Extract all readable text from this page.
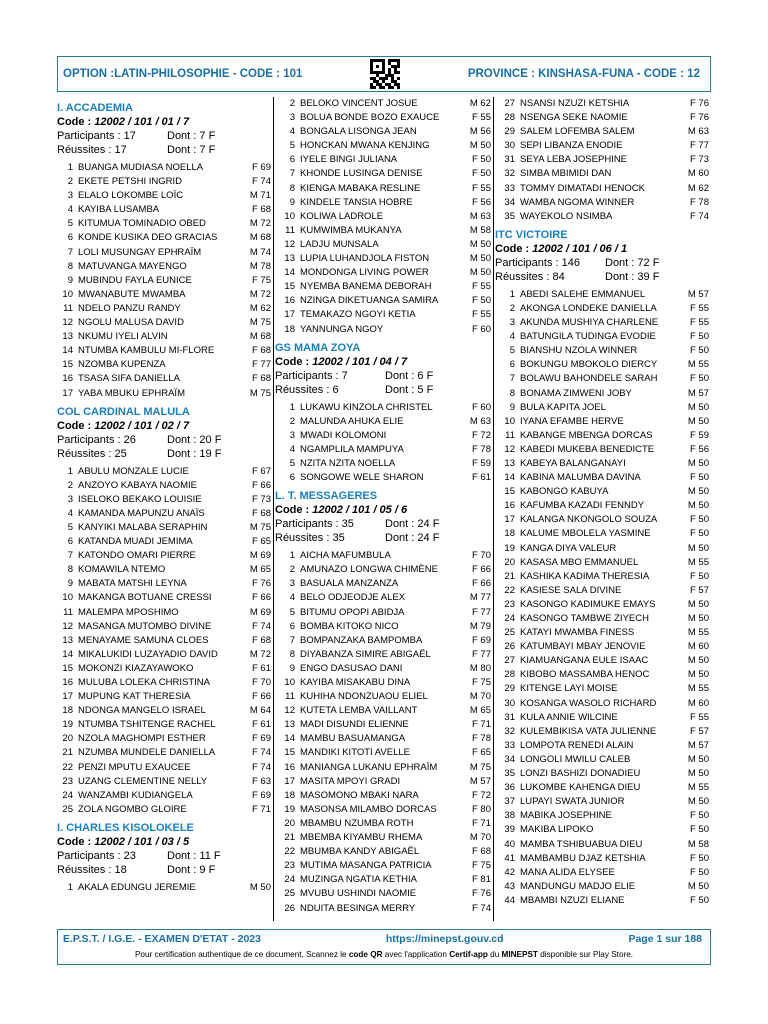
OPTION :LATIN-PHILOSOPHIE - CODE : 101	PROVINCE : KINSHASA-FUNA - CODE : 12
I. ACCADEMIA
Code : 12002 / 101 / 01 / 7
Participants : 17	Dont : 7 F
Réussites : 17	Dont : 7 F
1 BUANGA MUDIASA NOELLA	F 69
2 EKETE PETSHI INGRID	F 74
3 ELALO LOKOMBE LOÏC	M 71
4 KAYIBA LUSAMBA	F 68
5 KITUMUA TOMINADIO OBED	M 72
6 KONDE KUSIKA DEO GRACIAS	M 68
7 LOLI MUSUNGAY EPHRAÏM	M 74
8 MATUVANGA MAYENGO	M 78
9 MUBINDU FAYLA EUNICE	F 75
10 MWANABUTE MWAMBA	M 72
11 NDELO PANZU RANDY	M 62
12 NGOLU MALUSA DAVID	M 75
13 NKUMU IYELI ALVIN	M 68
14 NTUMBA KAMBULU MI-FLORE	F 68
15 NZOMBA KUPENZA	F 77
16 TSASA SIFA DANIELLA	F 68
17 YABA MBUKU EPHRAÏM	M 75
COL CARDINAL MALULA
Code : 12002 / 101 / 02 / 7
Participants : 26	Dont : 20 F
Réussites : 25	Dont : 19 F
1 ABULU MONZALE LUCIE	F 67
2 ANZOYO KABAYA NAOMIE	F 66
3 ISELOKO BEKAKO LOUISIE	F 73
4 KAMANDA MAPUNZU ANAÏS	F 68
5 KANYIKI MALABA SERAPHIN	M 75
6 KATANDA MUADI JEMIMA	F 65
7 KATONDO OMARI PIERRE	M 69
8 KOMAWILA NTEMO	M 65
9 MABATA MATSHI LEYNA	F 76
10 MAKANGA BOTUANE CRESSI	F 66
11 MALEMPA MPOSHIMO	M 69
12 MASANGA MUTOMBO DIVINE	F 74
13 MENAYAME SAMUNA CLOES	F 68
14 MIKALUKIDI LUZAYADIO DAVID	M 72
15 MOKONZI KIAZAYAWOKO	F 61
16 MULUBA LOLEKA CHRISTINA	F 70
17 MUPUNG KAT THERESIA	F 66
18 NDONGA MANGELO ISRAEL	M 64
19 NTUMBA TSHITENGE RACHEL	F 61
20 NZOLA MAGHOMPI ESTHER	F 69
21 NZUMBA MUNDELE DANIELLA	F 74
22 PENZI MPUTU EXAUCEE	F 74
23 UZANG CLEMENTINE NELLY	F 63
24 WANZAMBI KUDIANGELA	F 69
25 ZOLA NGOMBO GLOIRE	F 71
I. CHARLES KISOLOKELE
Code : 12002 / 101 / 03 / 5
Participants : 23	Dont : 11 F
Réussites : 18	Dont : 9 F
1 AKALA EDUNGU JEREMIE	M 50
2 BELOKO VINCENT JOSUE	M 62
3 BOLUA BONDE BOZO EXAUCE	F 55
4 BONGALA LISONGA JEAN	M 56
5 HONCKAN MWANA KENJING	M 50
6 IYELE BINGI JULIANA	F 50
7 KHONDE LUSINGA DENISE	F 50
8 KIENGA MABAKA RESLINE	F 55
9 KINDELE TANSIA HOBRE	F 56
10 KOLIWA LADROLE	M 63
11 KUMWIMBA MUKANYA	M 58
12 LADJU MUNSALA	M 50
13 LUPIA LUHANDJOLA FISTON	M 50
14 MONDONGA LIVING POWER	M 50
15 NYEMBA BANEMA DEBORAH	F 55
16 NZINGA DIKETUANGA SAMIRA	F 50
17 TEMAKAZO NGOYI KETIA	F 55
18 YANNUNGA NGOY	F 60
GS MAMA ZOYA
Code : 12002 / 101 / 04 / 7
Participants : 7	Dont : 6 F
Réussites : 6	Dont : 5 F
1 LUKAWU KINZOLA CHRISTEL	F 60
2 MALUNDA AHUKA ELIE	M 63
3 MWADI KOLOMONI	F 72
4 NGAMPLILA MAMPUYA	F 78
5 NZITA NZITA NOELLA	F 59
6 SONGOWE WELE SHARON	F 61
L. T. MESSAGERES
Code : 12002 / 101 / 05 / 6
Participants : 35	Dont : 24 F
Réussites : 35	Dont : 24 F
1 AICHA MAFUMBULA	F 70
2 AMUNAZO LONGWA CHIMÈNE	F 66
3 BASUALA MANZANZA	F 66
4 BELO ODJEODJE ALEX	M 77
5 BITUMU OPOPI ABIDJA	F 77
6 BOMBA KITOKO NICO	M 79
7 BOMPANZAKA BAMPOMBA	F 69
8 DIYABANZA SIMIRE ABIGAËL	F 77
9 ENGO DASUSAO DANI	M 80
10 KAYIBA MISAKABU DINA	F 75
11 KUHIHA NDONZUAOU ELIEL	M 70
12 KUTETA LEMBA VAILLANT	M 65
13 MADI DISUNDI ELIENNE	F 71
14 MAMBU BASUAMANGA	F 78
15 MANDIKI KITOTI AVELLE	F 65
16 MANIANGA LUKANU EPHRAÏM	M 75
17 MASITA MPOYI GRADI	M 57
18 MASOMONO MBAKI NARA	F 72
19 MASONSA MILAMBO DORCAS	F 80
20 MBAMBU NZUMBA ROTH	F 71
21 MBEMBA KIYAMBU RHEMA	M 70
22 MBUMBA KANDY ABIGAËL	F 68
23 MUTIMA MASANGA PATRICIA	F 75
24 MUZINGA NGATIA KETHIA	F 81
25 MVUBU USHINDI NAOMIE	F 76
26 NDUITA BESINGA MERRY	F 74
27 NSANSI NZUZI KETSHIA	F 76
28 NSENGA SEKE NAOMIE	F 76
29 SALEM LOFEMBA SALEM	M 63
30 SEPI LIBANZA ENODIE	F 77
31 SEYA LEBA JOSEPHINE	F 73
32 SIMBA MBIMIDI DAN	M 60
33 TOMMY DIMATADI HENOCK	M 62
34 WAMBA NGOMA WINNER	F 78
35 WAYEKOLO NSIMBA	F 74
ITC VICTOIRE
Code : 12002 / 101 / 06 / 1
Participants : 146	Dont : 72 F
Réussites : 84	Dont : 39 F
1 ABEDI SALEHE EMMANUEL	M 57
2 AKONGA LONDEKE DANIELLA	F 55
3 AKUNDA MUSHIYA CHARLENE	F 55
4 BATUNGILA TUDINGA EVODIE	F 50
5 BIANSHU NZOLA WINNER	F 50
6 BOKUNGU MBOKOLO DIERCY	M 55
7 BOLAWU BAHONDELE SARAH	F 50
8 BONAMA ZIMWENI JOBY	M 57
9 BULA KAPITA JOEL	M 50
10 IYANA EFAMBE HERVE	M 50
11 KABANGE MBENGA DORCAS	F 59
12 KABEDI MUKEBA BENEDICTE	F 56
13 KABEYA BALANGANAYI	M 50
14 KABINA MALUMBA DAVINA	F 50
15 KABONGO KABUYA	M 50
16 KAFUMBA KAZADI FENNDY	M 50
17 KALANGA NKONGOLO SOUZA	F 50
18 KALUME MBOLELA YASMINE	F 50
19 KANGA DIYA VALEUR	M 50
20 KASASA MBO EMMANUEL	M 55
21 KASHIKA KADIMA THERESIA	F 50
22 KASIESE SALA DIVINE	F 57
23 KASONGO KADIMUKE EMAYS	M 50
24 KASONGO TAMBWE ZIYECH	M 50
25 KATAYI MWAMBA FINESS	M 55
26 KATUMBAYI MBAY JENOVIE	M 60
27 KIAMUANGANA EULE ISAAC	M 50
28 KIBOBO MASSAMBA HENOC	M 50
29 KITENGE LAYI MOISE	M 55
30 KOSANGA WASOLO RICHARD	M 60
31 KULA ANNIE WILCINE	F 55
32 KULEMBIKISA VATA JULIENNE	F 57
33 LOMPOTA RENEDI ALAIN	M 57
34 LONGOLI MWILU CALEB	M 50
35 LONZI BASHIZI DONADIEU	M 50
36 LUKOMBE KAHENGA DIEU	M 55
37 LUPAYI SWATA JUNIOR	M 50
38 MABIKA JOSEPHINE	F 50
39 MAKIBA LIPOKO	F 50
40 MAMBA TSHIBUABUA DIEU	M 58
41 MAMBAMBU DJAZ KETSHIA	F 50
42 MANA ALIDA ELYSEE	F 50
43 MANDUNGU MADJO ELIE	M 50
44 MBAMBI NZUZI ELIANE	F 50
E.P.S.T. / I.G.E. - EXAMEN D'ETAT - 2023	https://minepst.gouv.cd	Page 1 sur 188
Pour certification authentique de ce document, Scannez le code QR avec l'application Certif-app du MINEPST disponible sur Play Store.
